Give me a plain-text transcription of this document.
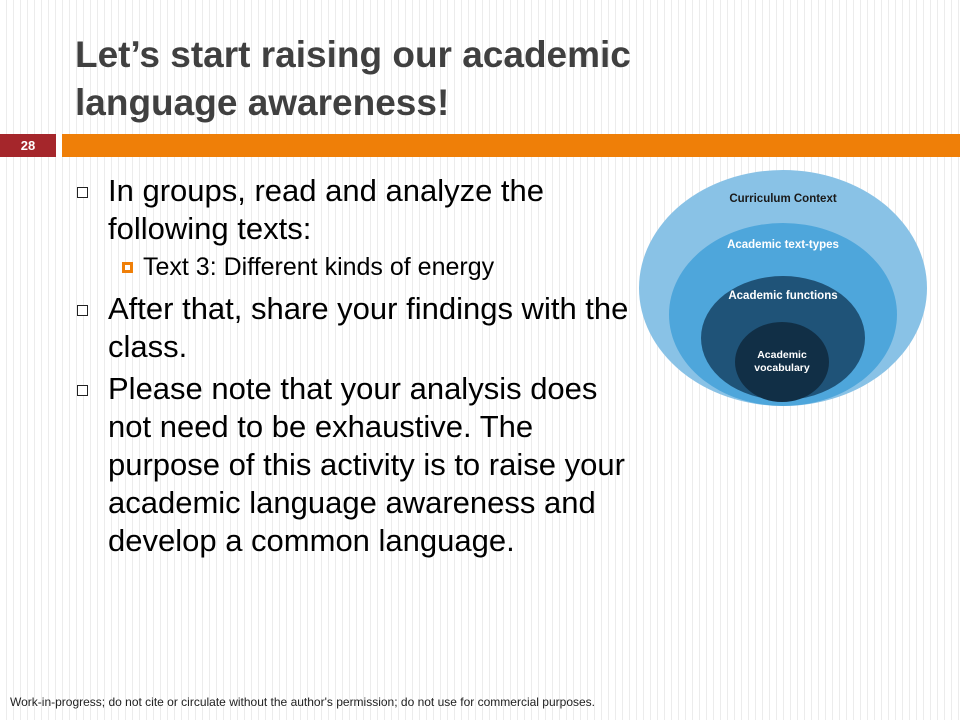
Let’s start raising our academic
language awareness!
28
In groups, read and analyze the following texts:
Text 3: Different kinds of energy
After that, share your findings with the class.
Please note that your analysis does not need to be exhaustive. The purpose of this activity is to raise your academic language awareness and develop a common language.
Curriculum Context
Academic text-types
Academic functions
Academic vocabulary
Work-in-progress; do not cite or circulate without the author's permission; do not use for commercial purposes.
